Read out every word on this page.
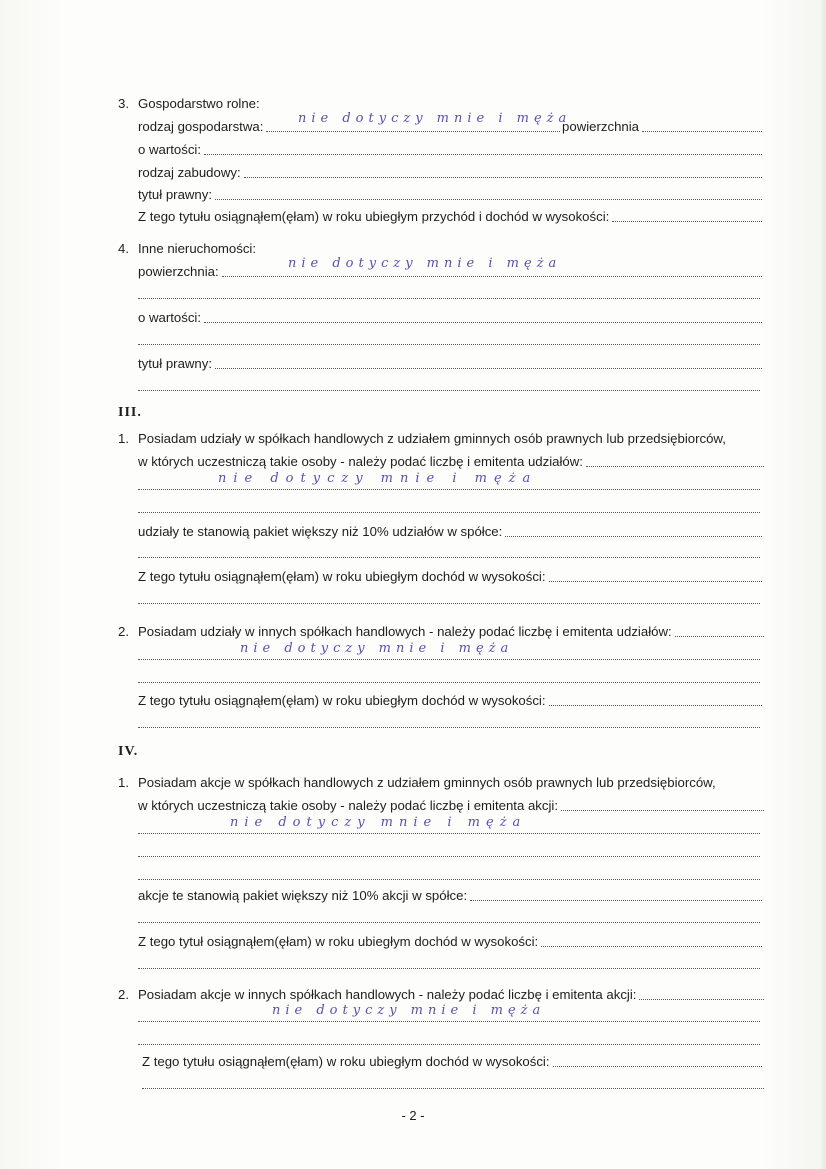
3. Gospodarstwo rolne:
rodzaj gospodarstwa:	powierzchnia
nie dotyczy mnie i męża
o wartości:
rodzaj zabudowy:
tytuł prawny:
Z tego tytułu osiągnąłem(ęłam) w roku ubiegłym przychód i dochód w wysokości:
4. Inne nieruchomości:
powierzchnia:
nie dotyczy mnie i męża
o wartości:
tytuł prawny:
III.
1. Posiadam udziały w spółkach handlowych z udziałem gminnych osób prawnych lub przedsiębiorców,
w których uczestniczą takie osoby - należy podać liczbę i emitenta udziałów:
nie dotyczy mnie i męża
udziały te stanowią pakiet większy niż 10% udziałów w spółce:
Z tego tytułu osiągnąłem(ęłam) w roku ubiegłym dochód w wysokości:
2. Posiadam udziały w innych spółkach handlowych - należy podać liczbę i emitenta udziałów:
nie dotyczy mnie i męża
Z tego tytułu osiągnąłem(ęłam) w roku ubiegłym dochód w wysokości:
IV.
1. Posiadam akcje w spółkach handlowych z udziałem gminnych osób prawnych lub przedsiębiorców,
w których uczestniczą takie osoby - należy podać liczbę i emitenta akcji:
nie dotyczy mnie i męża
akcje te stanowią pakiet większy niż 10% akcji w spółce:
Z tego tytuł osiągnąłem(ęłam) w roku ubiegłym dochód w wysokości:
2. Posiadam akcje w innych spółkach handlowych - należy podać liczbę i emitenta akcji:
nie dotyczy mnie i męża
Z tego tytułu osiągnąłem(ęłam) w roku ubiegłym dochód w wysokości:
- 2 -
